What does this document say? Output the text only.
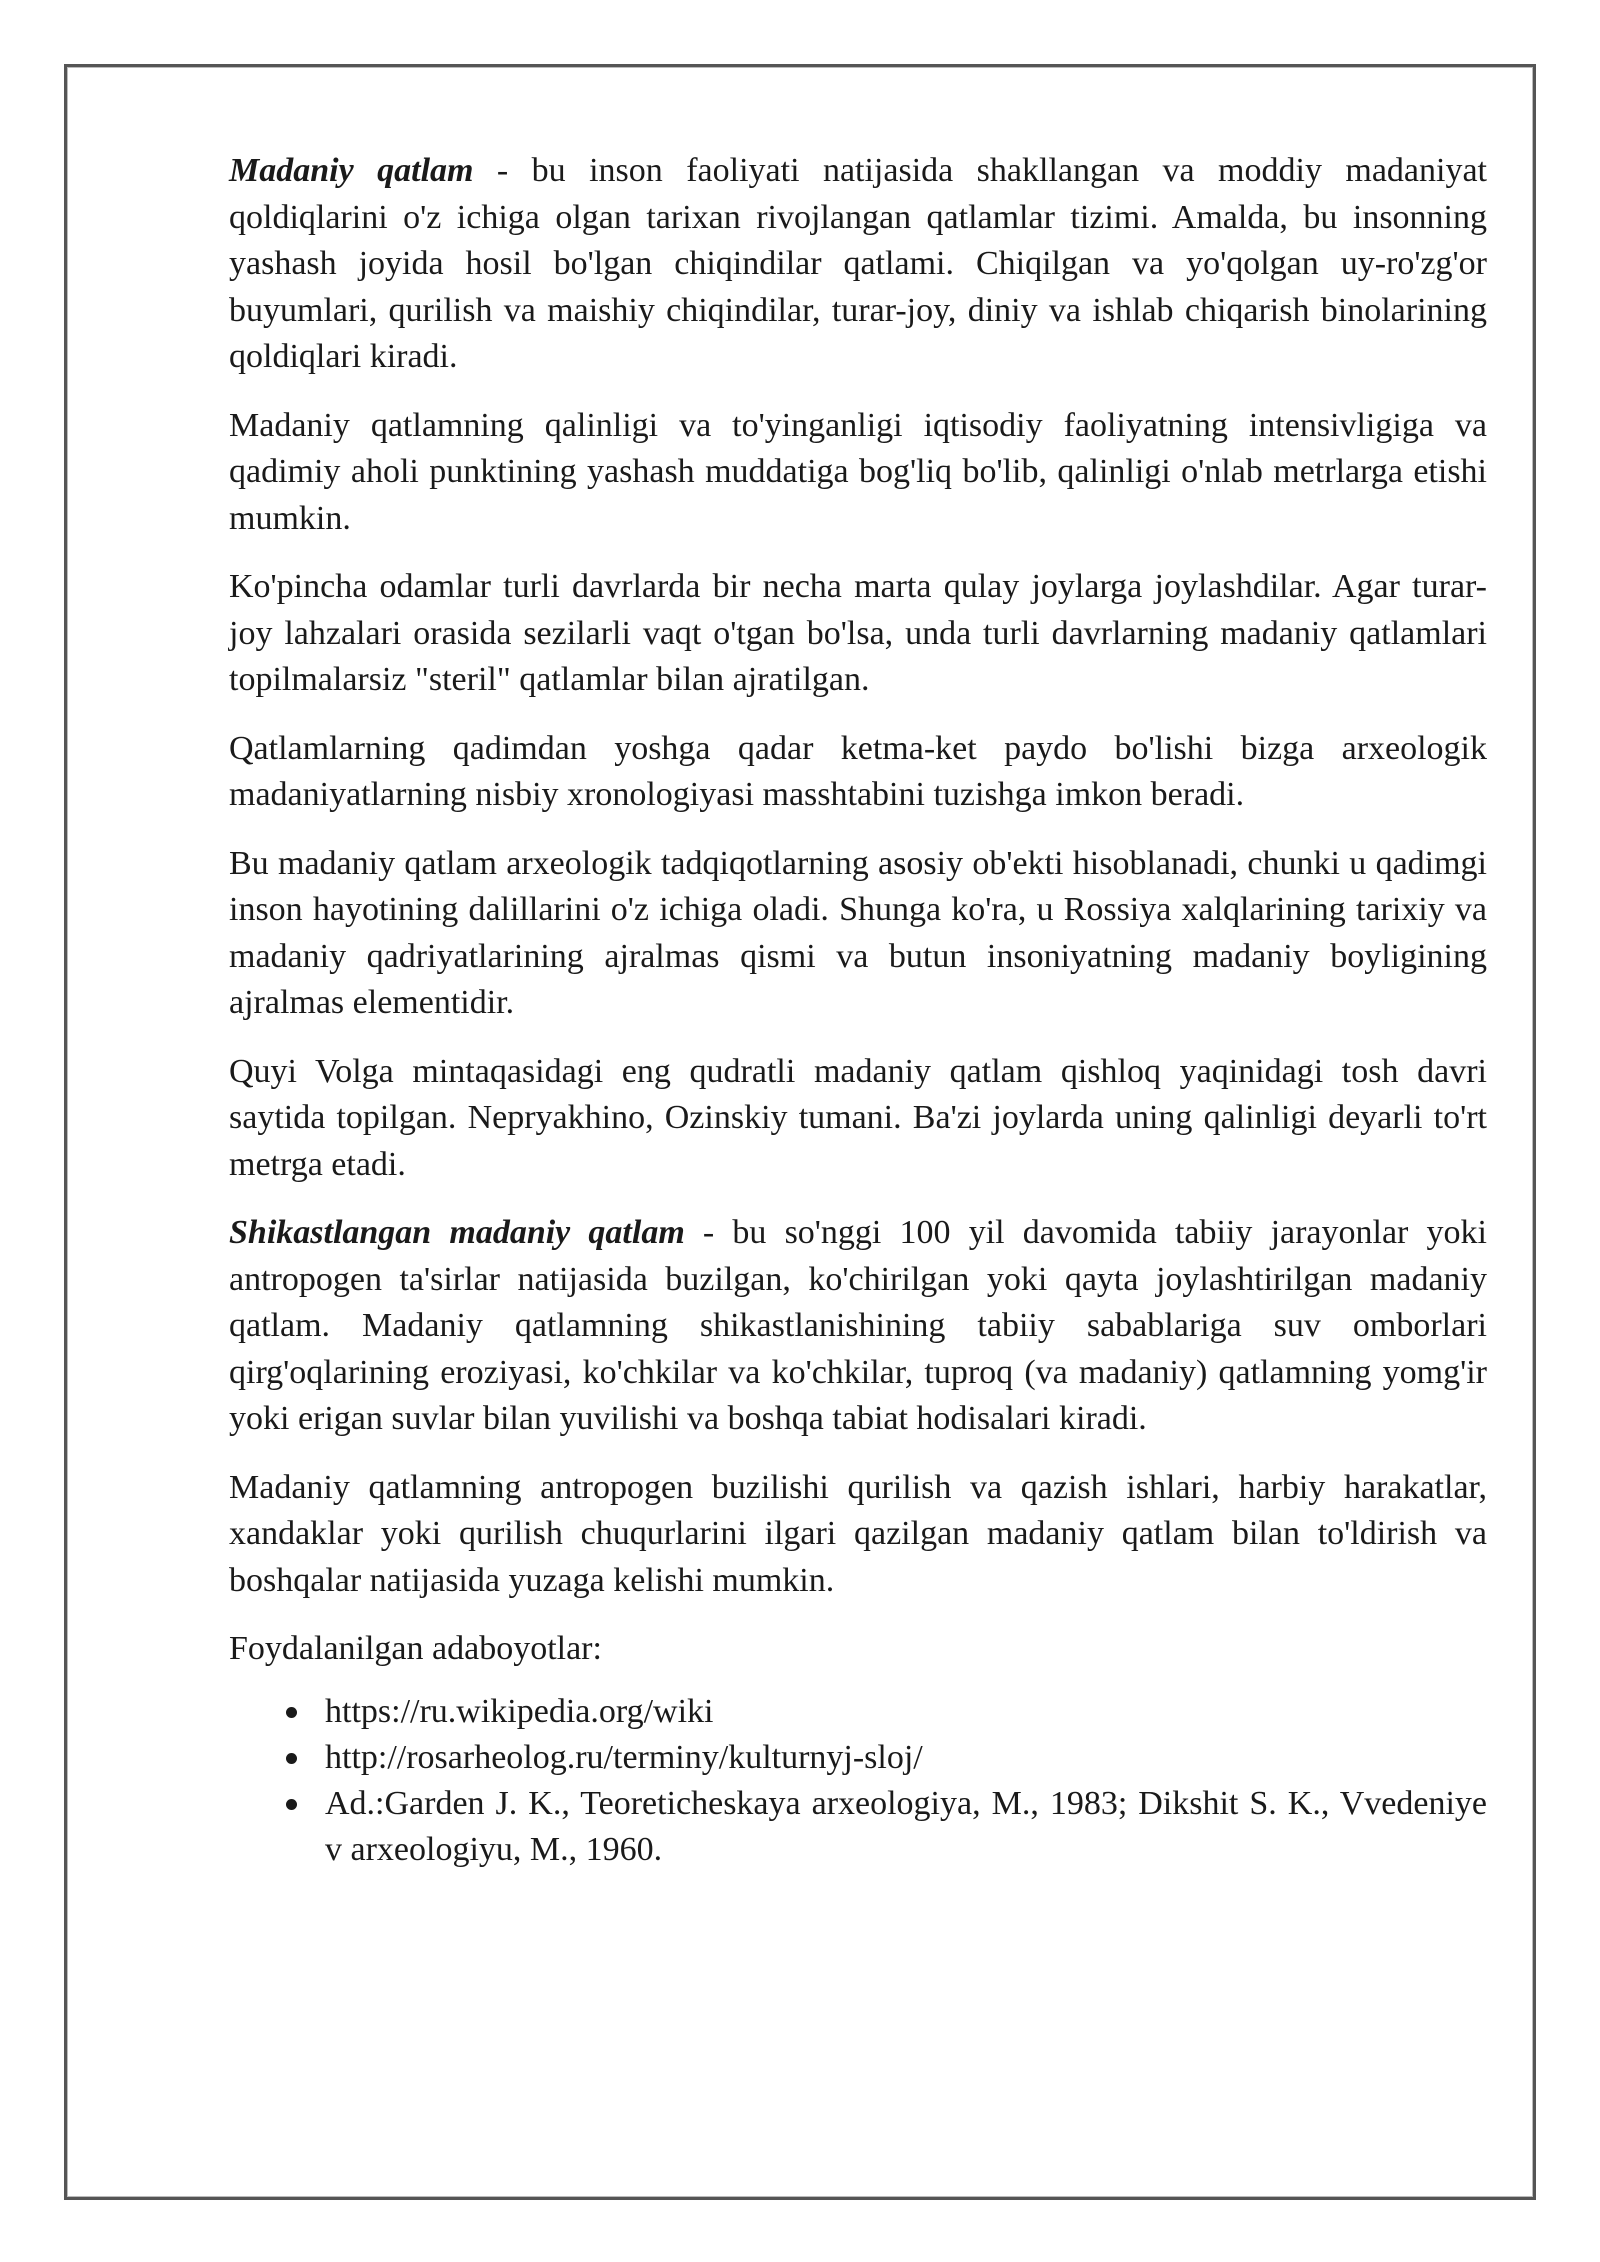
Madaniy qatlam - bu inson faoliyati natijasida shakllangan va moddiy madaniyat qoldiqlarini o'z ichiga olgan tarixan rivojlangan qatlamlar tizimi. Amalda, bu insonning yashash joyida hosil bo'lgan chiqindilar qatlami. Chiqilgan va yo'qolgan uy-ro'zg'or buyumlari, qurilish va maishiy chiqindilar, turar-joy, diniy va ishlab chiqarish binolarining qoldiqlari kiradi.

Madaniy qatlamning qalinligi va to'yinganligi iqtisodiy faoliyatning intensivligiga va qadimiy aholi punktining yashash muddatiga bog'liq bo'lib, qalinligi o'nlab metrlarga etishi mumkin.

Ko'pincha odamlar turli davrlarda bir necha marta qulay joylarga joylashdilar. Agar turar-joy lahzalari orasida sezilarli vaqt o'tgan bo'lsa, unda turli davrlarning madaniy qatlamlari topilmalarsiz "steril" qatlamlar bilan ajratilgan.

Qatlamlarning qadimdan yoshga qadar ketma-ket paydo bo'lishi bizga arxeologik madaniyatlarning nisbiy xronologiyasi masshtabini tuzishga imkon beradi.

Bu madaniy qatlam arxeologik tadqiqotlarning asosiy ob'ekti hisoblanadi, chunki u qadimgi inson hayotining dalillarini o'z ichiga oladi. Shunga ko'ra, u Rossiya xalqlarining tarixiy va madaniy qadriyatlarining ajralmas qismi va butun insoniyatning madaniy boyligining ajralmas elementidir.

Quyi Volga mintaqasidagi eng qudratli madaniy qatlam qishloq yaqinidagi tosh davri saytida topilgan. Nepryakhino, Ozinskiy tumani. Ba'zi joylarda uning qalinligi deyarli to'rt metrga etadi.

Shikastlangan madaniy qatlam - bu so'nggi 100 yil davomida tabiiy jarayonlar yoki antropogen ta'sirlar natijasida buzilgan, ko'chirilgan yoki qayta joylashtirilgan madaniy qatlam. Madaniy qatlamning shikastlanishining tabiiy sabablariga suv omborlari qirg'oqlarining eroziyasi, ko'chkilar va ko'chkilar, tuproq (va madaniy) qatlamning yomg'ir yoki erigan suvlar bilan yuvilishi va boshqa tabiat hodisalari kiradi.

Madaniy qatlamning antropogen buzilishi qurilish va qazish ishlari, harbiy harakatlar, xandaklar yoki qurilish chuqurlarini ilgari qazilgan madaniy qatlam bilan to'ldirish va boshqalar natijasida yuzaga kelishi mumkin.

Foydalanilgan adaboyotlar:

https://ru.wikipedia.org/wiki
http://rosarheolog.ru/terminy/kulturnyj-sloj/
Ad.:Garden J. K., Teoreticheskaya arxeologiya, M., 1983; Dikshit S. K., Vvedeniye v arxeologiyu, M., 1960.
